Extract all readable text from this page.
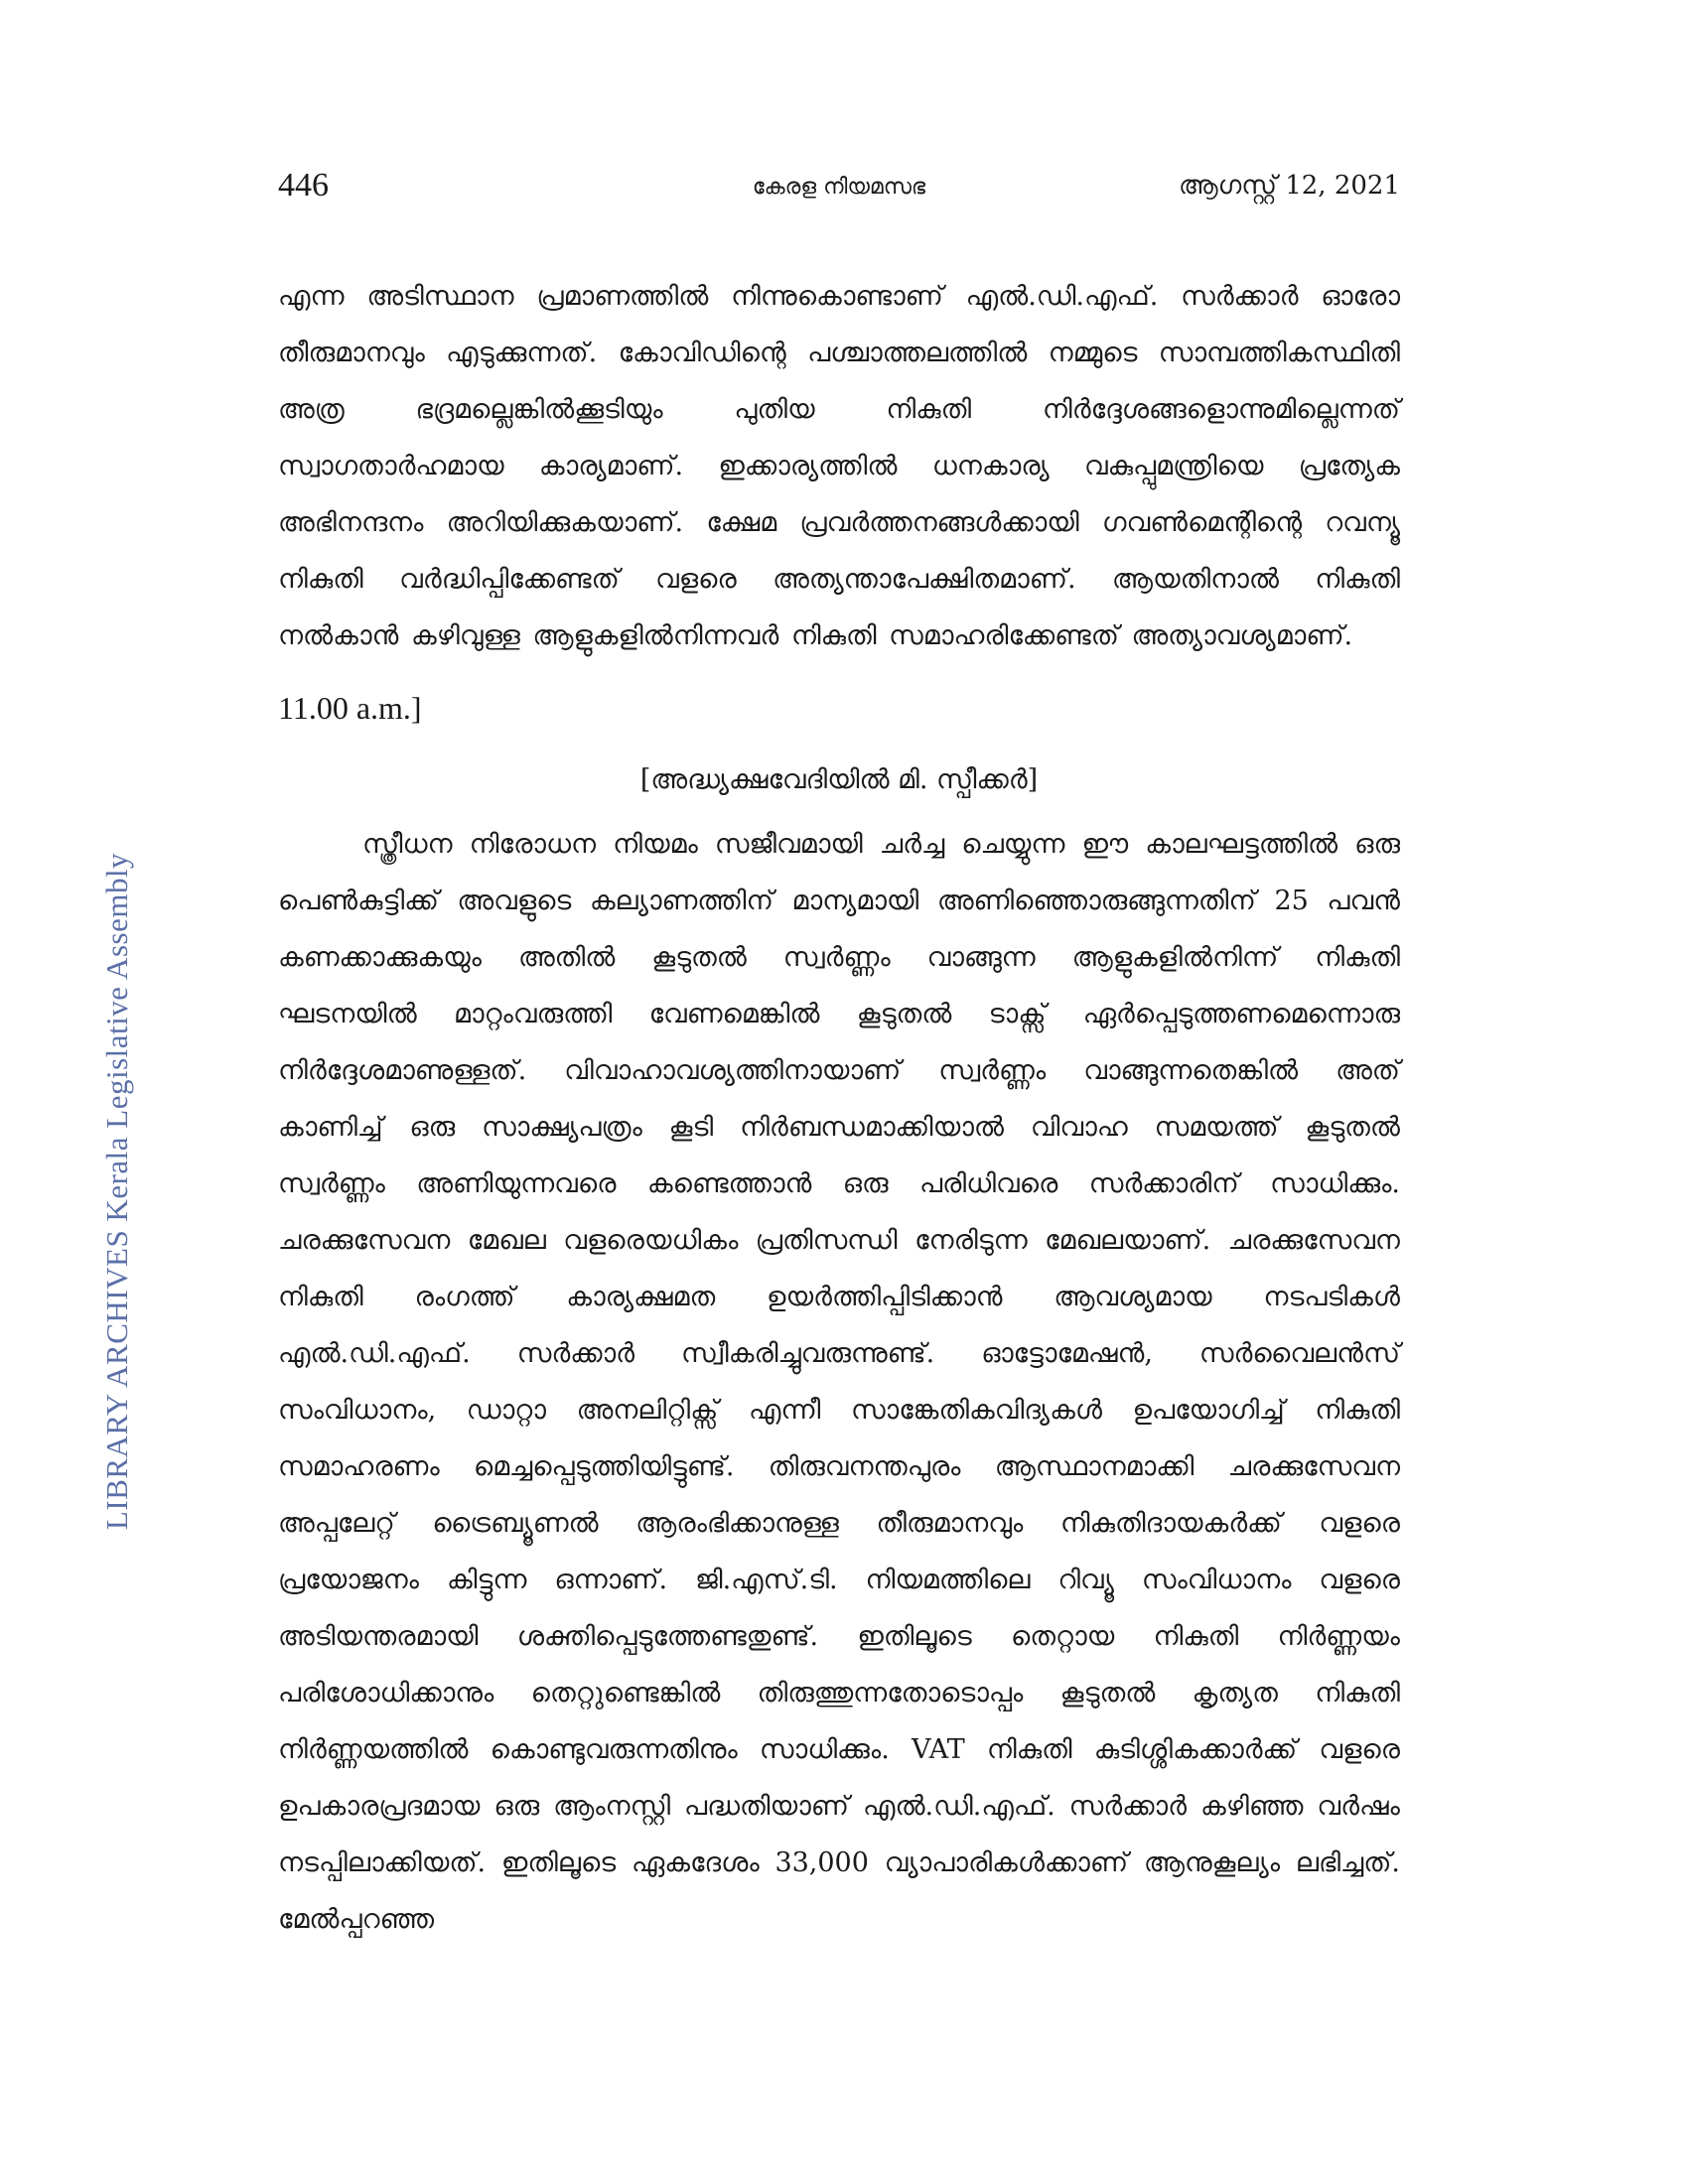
LIBRARY ARCHIVES Kerala Legislative Assembly
446	കേരള നിയമസഭ	ആഗസ്റ്റ് 12, 2021

എന്ന അടിസ്ഥാന പ്രമാണത്തിൽ നിന്നുകൊണ്ടാണ് എൽ.ഡി.എഫ്. സർക്കാർ ഓരോ തീരുമാനവും എടുക്കുന്നത്. കോവിഡിന്റെ പശ്ചാത്തലത്തിൽ നമ്മുടെ സാമ്പത്തികസ്ഥിതി അത്ര ഭദ്രമല്ലെങ്കിൽക്കൂടിയും പുതിയ നികുതി നിർദ്ദേശങ്ങളൊന്നുമില്ലെന്നത് സ്വാഗതാർഹമായ കാര്യമാണ്. ഇക്കാര്യത്തിൽ ധനകാര്യ വകുപ്പുമന്ത്രിയെ പ്രത്യേക അഭിനന്ദനം അറിയിക്കുകയാണ്. ക്ഷേമ പ്രവർത്തനങ്ങൾക്കായി ഗവൺമെന്റിന്റെ റവന്യൂ നികുതി വർദ്ധിപ്പിക്കേണ്ടത് വളരെ അത്യന്താപേക്ഷിതമാണ്. ആയതിനാൽ നികുതി നൽകാൻ കഴിവുള്ള ആളുകളിൽനിന്നവർ നികുതി സമാഹരിക്കേണ്ടത് അത്യാവശ്യമാണ്.

11.00 a.m.]

[അദ്ധ്യക്ഷവേദിയിൽ മി. സ്പീക്കർ]

സ്ത്രീധന നിരോധന നിയമം സജീവമായി ചർച്ച ചെയ്യുന്ന ഈ കാലഘട്ടത്തിൽ ഒരു പെൺകുട്ടിക്ക് അവളുടെ കല്യാണത്തിന് മാന്യമായി അണിഞ്ഞൊരുങ്ങുന്നതിന് 25 പവൻ കണക്കാക്കുകയും അതിൽ കൂടുതൽ സ്വർണ്ണം വാങ്ങുന്ന ആളുകളിൽനിന്ന് നികുതി ഘടനയിൽ മാറ്റംവരുത്തി വേണമെങ്കിൽ കൂടുതൽ ടാക്സ് ഏർപ്പെടുത്തണമെന്നൊരു നിർദ്ദേശമാണുള്ളത്. വിവാഹാവശ്യത്തിനായാണ് സ്വർണ്ണം വാങ്ങുന്നതെങ്കിൽ അത് കാണിച്ച് ഒരു സാക്ഷ്യപത്രം കൂടി നിർബന്ധമാക്കിയാൽ വിവാഹ സമയത്ത് കൂടുതൽ സ്വർണ്ണം അണിയുന്നവരെ കണ്ടെത്താൻ ഒരു പരിധിവരെ സർക്കാരിന് സാധിക്കും. ചരക്കുസേവന മേഖല വളരെയധികം പ്രതിസന്ധി നേരിടുന്ന മേഖലയാണ്. ചരക്കുസേവന നികുതി രംഗത്ത് കാര്യക്ഷമത ഉയർത്തിപ്പിടിക്കാൻ ആവശ്യമായ നടപടികൾ എൽ.ഡി.എഫ്. സർക്കാർ സ്വീകരിച്ചുവരുന്നുണ്ട്. ഓട്ടോമേഷൻ, സർവൈലൻസ് സംവിധാനം, ഡാറ്റാ അനലിറ്റിക്സ് എന്നീ സാങ്കേതികവിദ്യകൾ ഉപയോഗിച്ച് നികുതി സമാഹരണം മെച്ചപ്പെടുത്തിയിട്ടുണ്ട്. തിരുവനന്തപുരം ആസ്ഥാനമാക്കി ചരക്കുസേവന അപ്പലേറ്റ് ട്രൈബ്യൂണൽ ആരംഭിക്കാനുള്ള തീരുമാനവും നികുതിദായകർക്ക് വളരെ പ്രയോജനം കിട്ടുന്ന ഒന്നാണ്. ജി.എസ്.ടി. നിയമത്തിലെ റിവ്യൂ സംവിധാനം വളരെ അടിയന്തരമായി ശക്തിപ്പെടുത്തേണ്ടതുണ്ട്. ഇതിലൂടെ തെറ്റായ നികുതി നിർണ്ണയം പരിശോധിക്കാനും തെറ്റുണ്ടെങ്കിൽ തിരുത്തുന്നതോടൊപ്പം കൂടുതൽ കൃത്യത നികുതി നിർണ്ണയത്തിൽ കൊണ്ടുവരുന്നതിനും സാധിക്കും. VAT നികുതി കുടിശ്ശികക്കാർക്ക് വളരെ ഉപകാരപ്രദമായ ഒരു ആംനസ്റ്റി പദ്ധതിയാണ് എൽ.ഡി.എഫ്. സർക്കാർ കഴിഞ്ഞ വർഷം നടപ്പിലാക്കിയത്. ഇതിലൂടെ ഏകദേശം 33,000 വ്യാപാരികൾക്കാണ് ആനുകൂല്യം ലഭിച്ചത്. മേൽപ്പറഞ്ഞ
